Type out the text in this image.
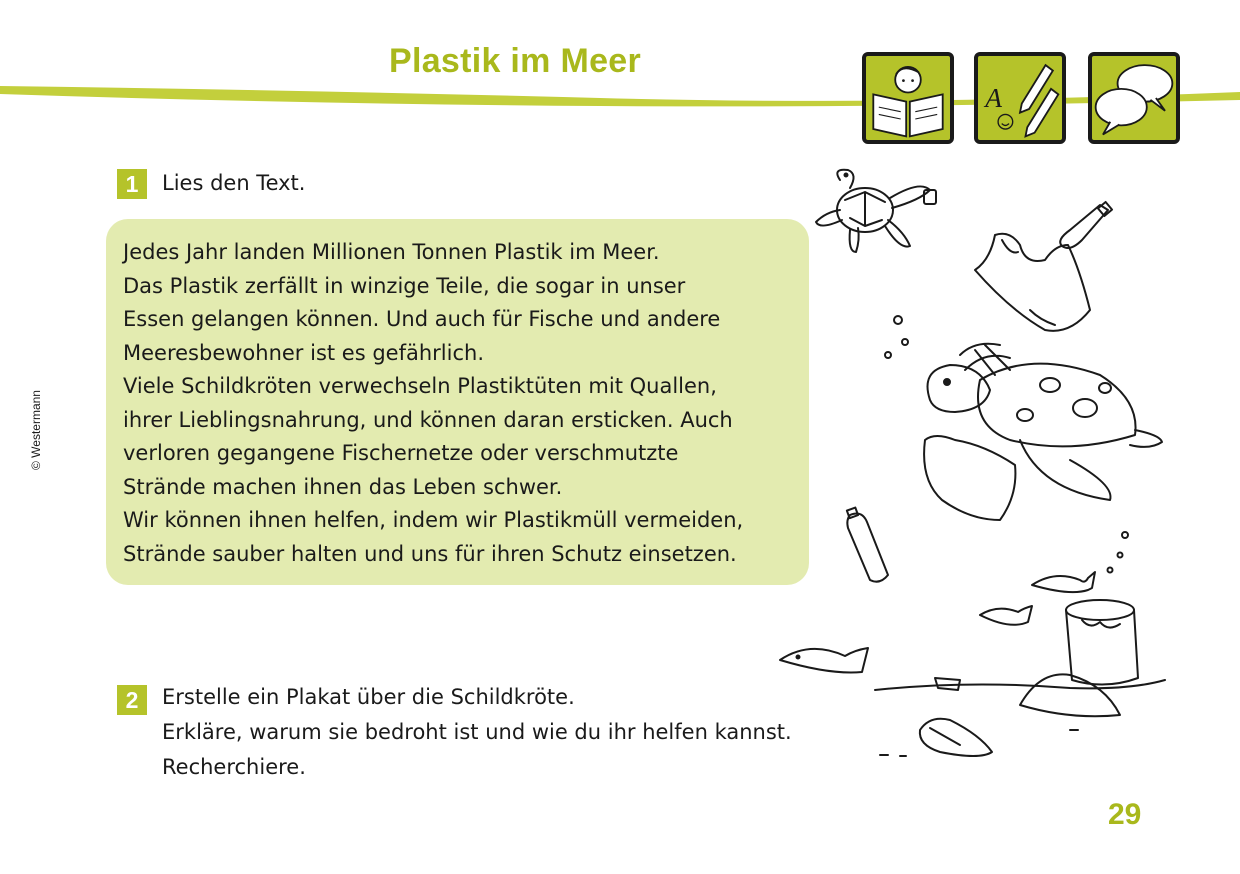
Plastik im Meer
A
© Westermann
1	Lies den Text.

Jedes Jahr landen Millionen Tonnen Plastik im Meer.

Das Plastik zerfällt in winzige Teile, die sogar in unser

Essen gelangen können. Und auch für Fische und andere

Meeresbewohner ist es gefährlich.

Viele Schildkröten verwechseln Plastiktüten mit Quallen,

ihrer Lieblingsnahrung, und können daran ersticken. Auch

verloren gegangene Fischernetze oder verschmutzte

Strände machen ihnen das Leben schwer.

Wir können ihnen helfen, indem wir Plastikmüll vermeiden,

Strände sauber halten und uns für ihren Schutz einsetzen.

2	Erstelle ein Plakat über die Schildkröte.
Erkläre, warum sie bedroht ist und wie du ihr helfen kannst.
Recherchiere.
29
